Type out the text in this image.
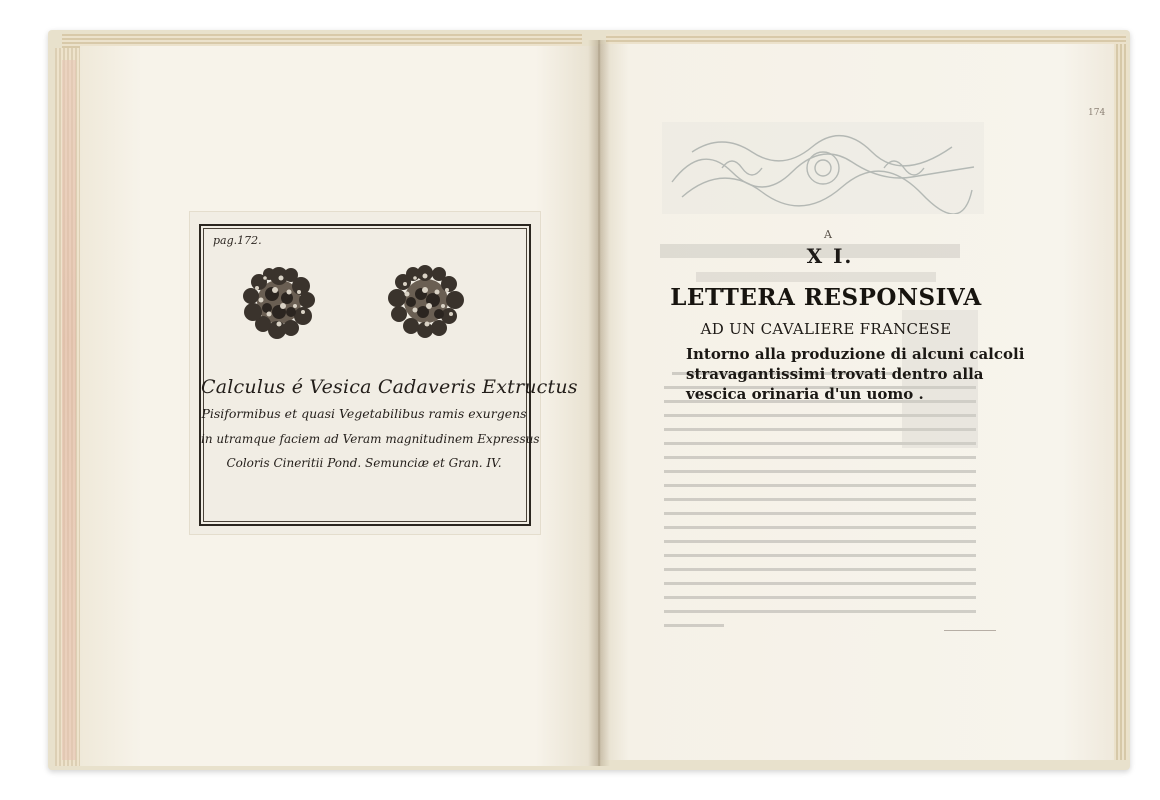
pag.172.
Calculus é Vesica Cadaveris Extructus
Pisiformibus et quasi Vegetabilibus ramis exurgens
in utramque faciem ad Veram magnitudinem Expressus
Coloris Cineritii Pond. Semunciæ et Gran. IV.
174
A
X I.
LETTERA RESPONSIVA
AD UN CAVALIERE FRANCESE
Intorno alla produzione di alcuni calcoli
stravagantissimi trovati dentro alla
vescica orinaria d'un uomo .
